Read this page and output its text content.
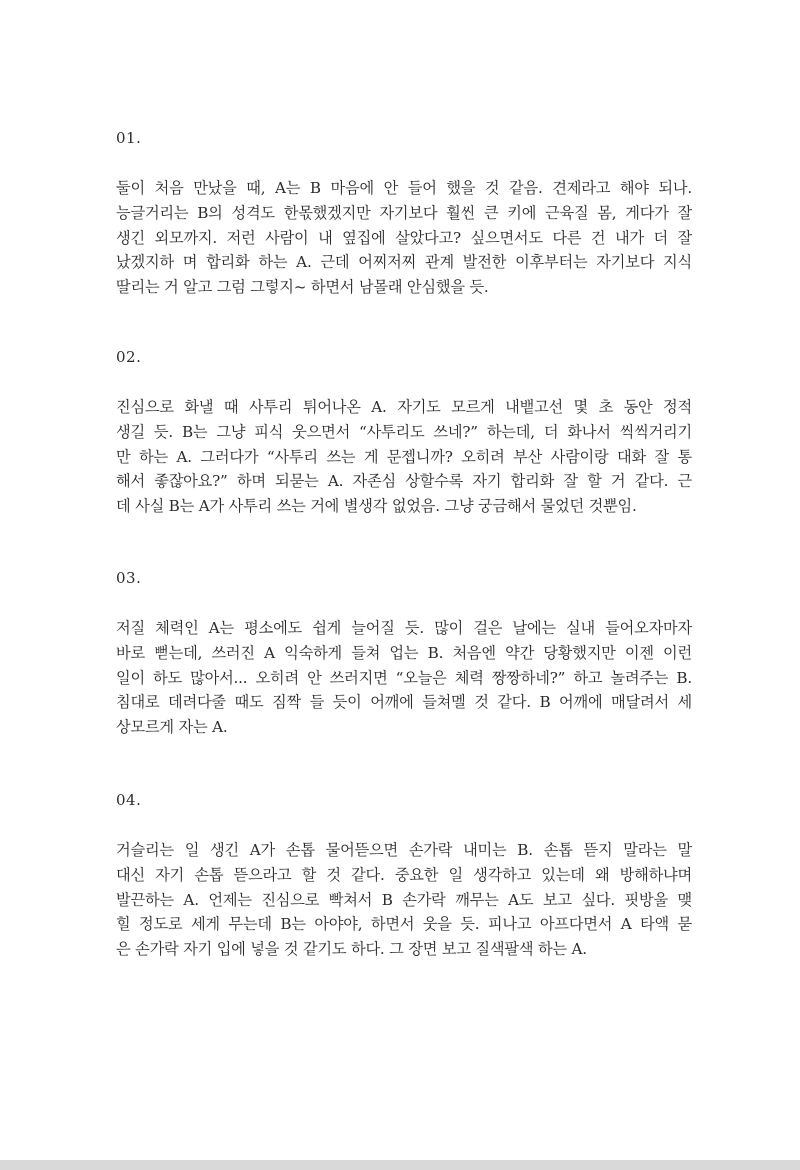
01.

둘이 처음 만났을 때, A는 B 마음에 안 들어 했을 것 같음. 견제라고 해야 되나.
능글거리는 B의 성격도 한몫했겠지만 자기보다 훨씬 큰 키에 근육질 몸, 게다가 잘
생긴 외모까지. 저런 사람이 내 옆집에 살았다고? 싶으면서도 다른 건 내가 더 잘
났겠지하 며 합리화 하는 A. 근데 어찌저찌 관계 발전한 이후부터는 자기보다 지식
딸리는 거 알고 그럼 그렇지~ 하면서 남몰래 안심했을 듯.

02.

진심으로 화낼 때 사투리 튀어나온 A. 자기도 모르게 내뱉고선 몇 초 동안 정적
생길 듯. B는 그냥 피식 웃으면서 “사투리도 쓰네?” 하는데, 더 화나서 씩씩거리기
만 하는 A. 그러다가 “사투리 쓰는 게 문젭니까? 오히려 부산 사람이랑 대화 잘 통
해서 좋잖아요?” 하며 되묻는 A. 자존심 상할수록 자기 합리화 잘 할 거 같다. 근
데 사실 B는 A가 사투리 쓰는 거에 별생각 없었음. 그냥 궁금해서 물었던 것뿐임.

03.

저질 체력인 A는 평소에도 쉽게 늘어질 듯. 많이 걸은 날에는 실내 들어오자마자
바로 뻗는데, 쓰러진 A 익숙하게 들쳐 업는 B. 처음엔 약간 당황했지만 이젠 이런
일이 하도 많아서... 오히려 안 쓰러지면 “오늘은 체력 짱짱하네?” 하고 놀려주는 B.
침대로 데려다줄 때도 짐짝 들 듯이 어깨에 들쳐멜 것 같다. B 어깨에 매달려서 세
상모르게 자는 A.

04.

거슬리는 일 생긴 A가 손톱 물어뜯으면 손가락 내미는 B. 손톱 뜯지 말라는 말
대신 자기 손톱 뜯으라고 할 것 같다. 중요한 일 생각하고 있는데 왜 방해하냐며
발끈하는 A. 언제는 진심으로 빡쳐서 B 손가락 깨무는 A도 보고 싶다. 핏방울 맺
힐 정도로 세게 무는데 B는 아야야, 하면서 웃을 듯. 피나고 아프다면서 A 타액 묻
은 손가락 자기 입에 넣을 것 같기도 하다. 그 장면 보고 질색팔색 하는 A.
